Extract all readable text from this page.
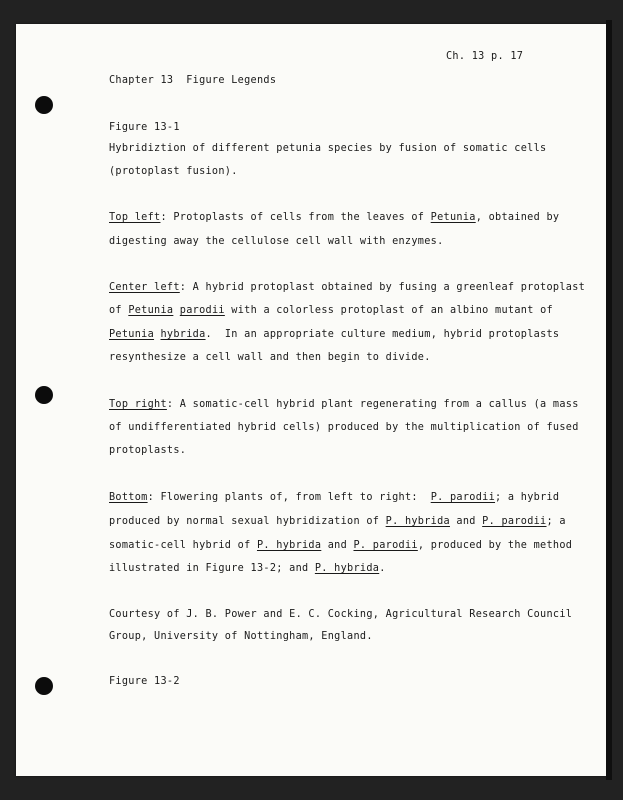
Ch. 13 p. 17
Chapter 13  Figure Legends
Figure 13-1
Hybridiztion of different petunia species by fusion of somatic cells
(protoplast fusion).
Top left: Protoplasts of cells from the leaves of Petunia, obtained by
digesting away the cellulose cell wall with enzymes.
Center left: A hybrid protoplast obtained by fusing a greenleaf protoplast
of Petunia parodii with a colorless protoplast of an albino mutant of
Petunia hybrida.  In an appropriate culture medium, hybrid protoplasts
resynthesize a cell wall and then begin to divide.
Top right: A somatic-cell hybrid plant regenerating from a callus (a mass
of undifferentiated hybrid cells) produced by the multiplication of fused
protoplasts.
Bottom: Flowering plants of, from left to right:  P. parodii; a hybrid
produced by normal sexual hybridization of P. hybrida and P. parodii; a
somatic-cell hybrid of P. hybrida and P. parodii, produced by the method
illustrated in Figure 13-2; and P. hybrida.
Courtesy of J. B. Power and E. C. Cocking, Agricultural Research Council
Group, University of Nottingham, England.
Figure 13-2
